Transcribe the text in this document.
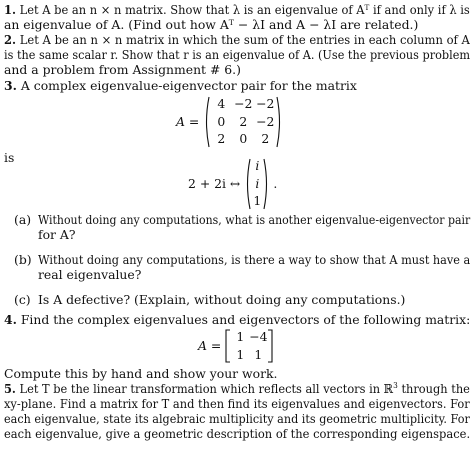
1. Let A be an n × n matrix. Show that λ is an eigenvalue of Aᵀ if and only if λ is
an eigenvalue of A. (Find out how Aᵀ − λI and A − λI are related.)
2. Let A be an n × n matrix in which the sum of the entries in each column of A
is the same scalar r. Show that r is an eigenvalue of A. (Use the previous problem
and a problem from Assignment # 6.)
3. A complex eigenvalue-eigenvector pair for the matrix
A =
4 −2 −2
0	2 −2
2	0	2
is
2 + 2i ↔
i
i
1
.
(a) Without doing any computations, what is another eigenvalue-eigenvector pair
for A?
(b) Without doing any computations, is there a way to show that A must have a
real eigenvalue?
(c) Is A defective? (Explain, without doing any computations.)
4. Find the complex eigenvalues and eigenvectors of the following matrix:
A =
1 −4
1 1
Compute this by hand and show your work.
5. Let T be the linear transformation which reflects all vectors in ℝ$^3$ through the
xy-plane. Find a matrix for T and then find its eigenvalues and eigenvectors. For
each eigenvalue, state its algebraic multiplicity and its geometric multiplicity. For
each eigenvalue, give a geometric description of the corresponding eigenspace.
